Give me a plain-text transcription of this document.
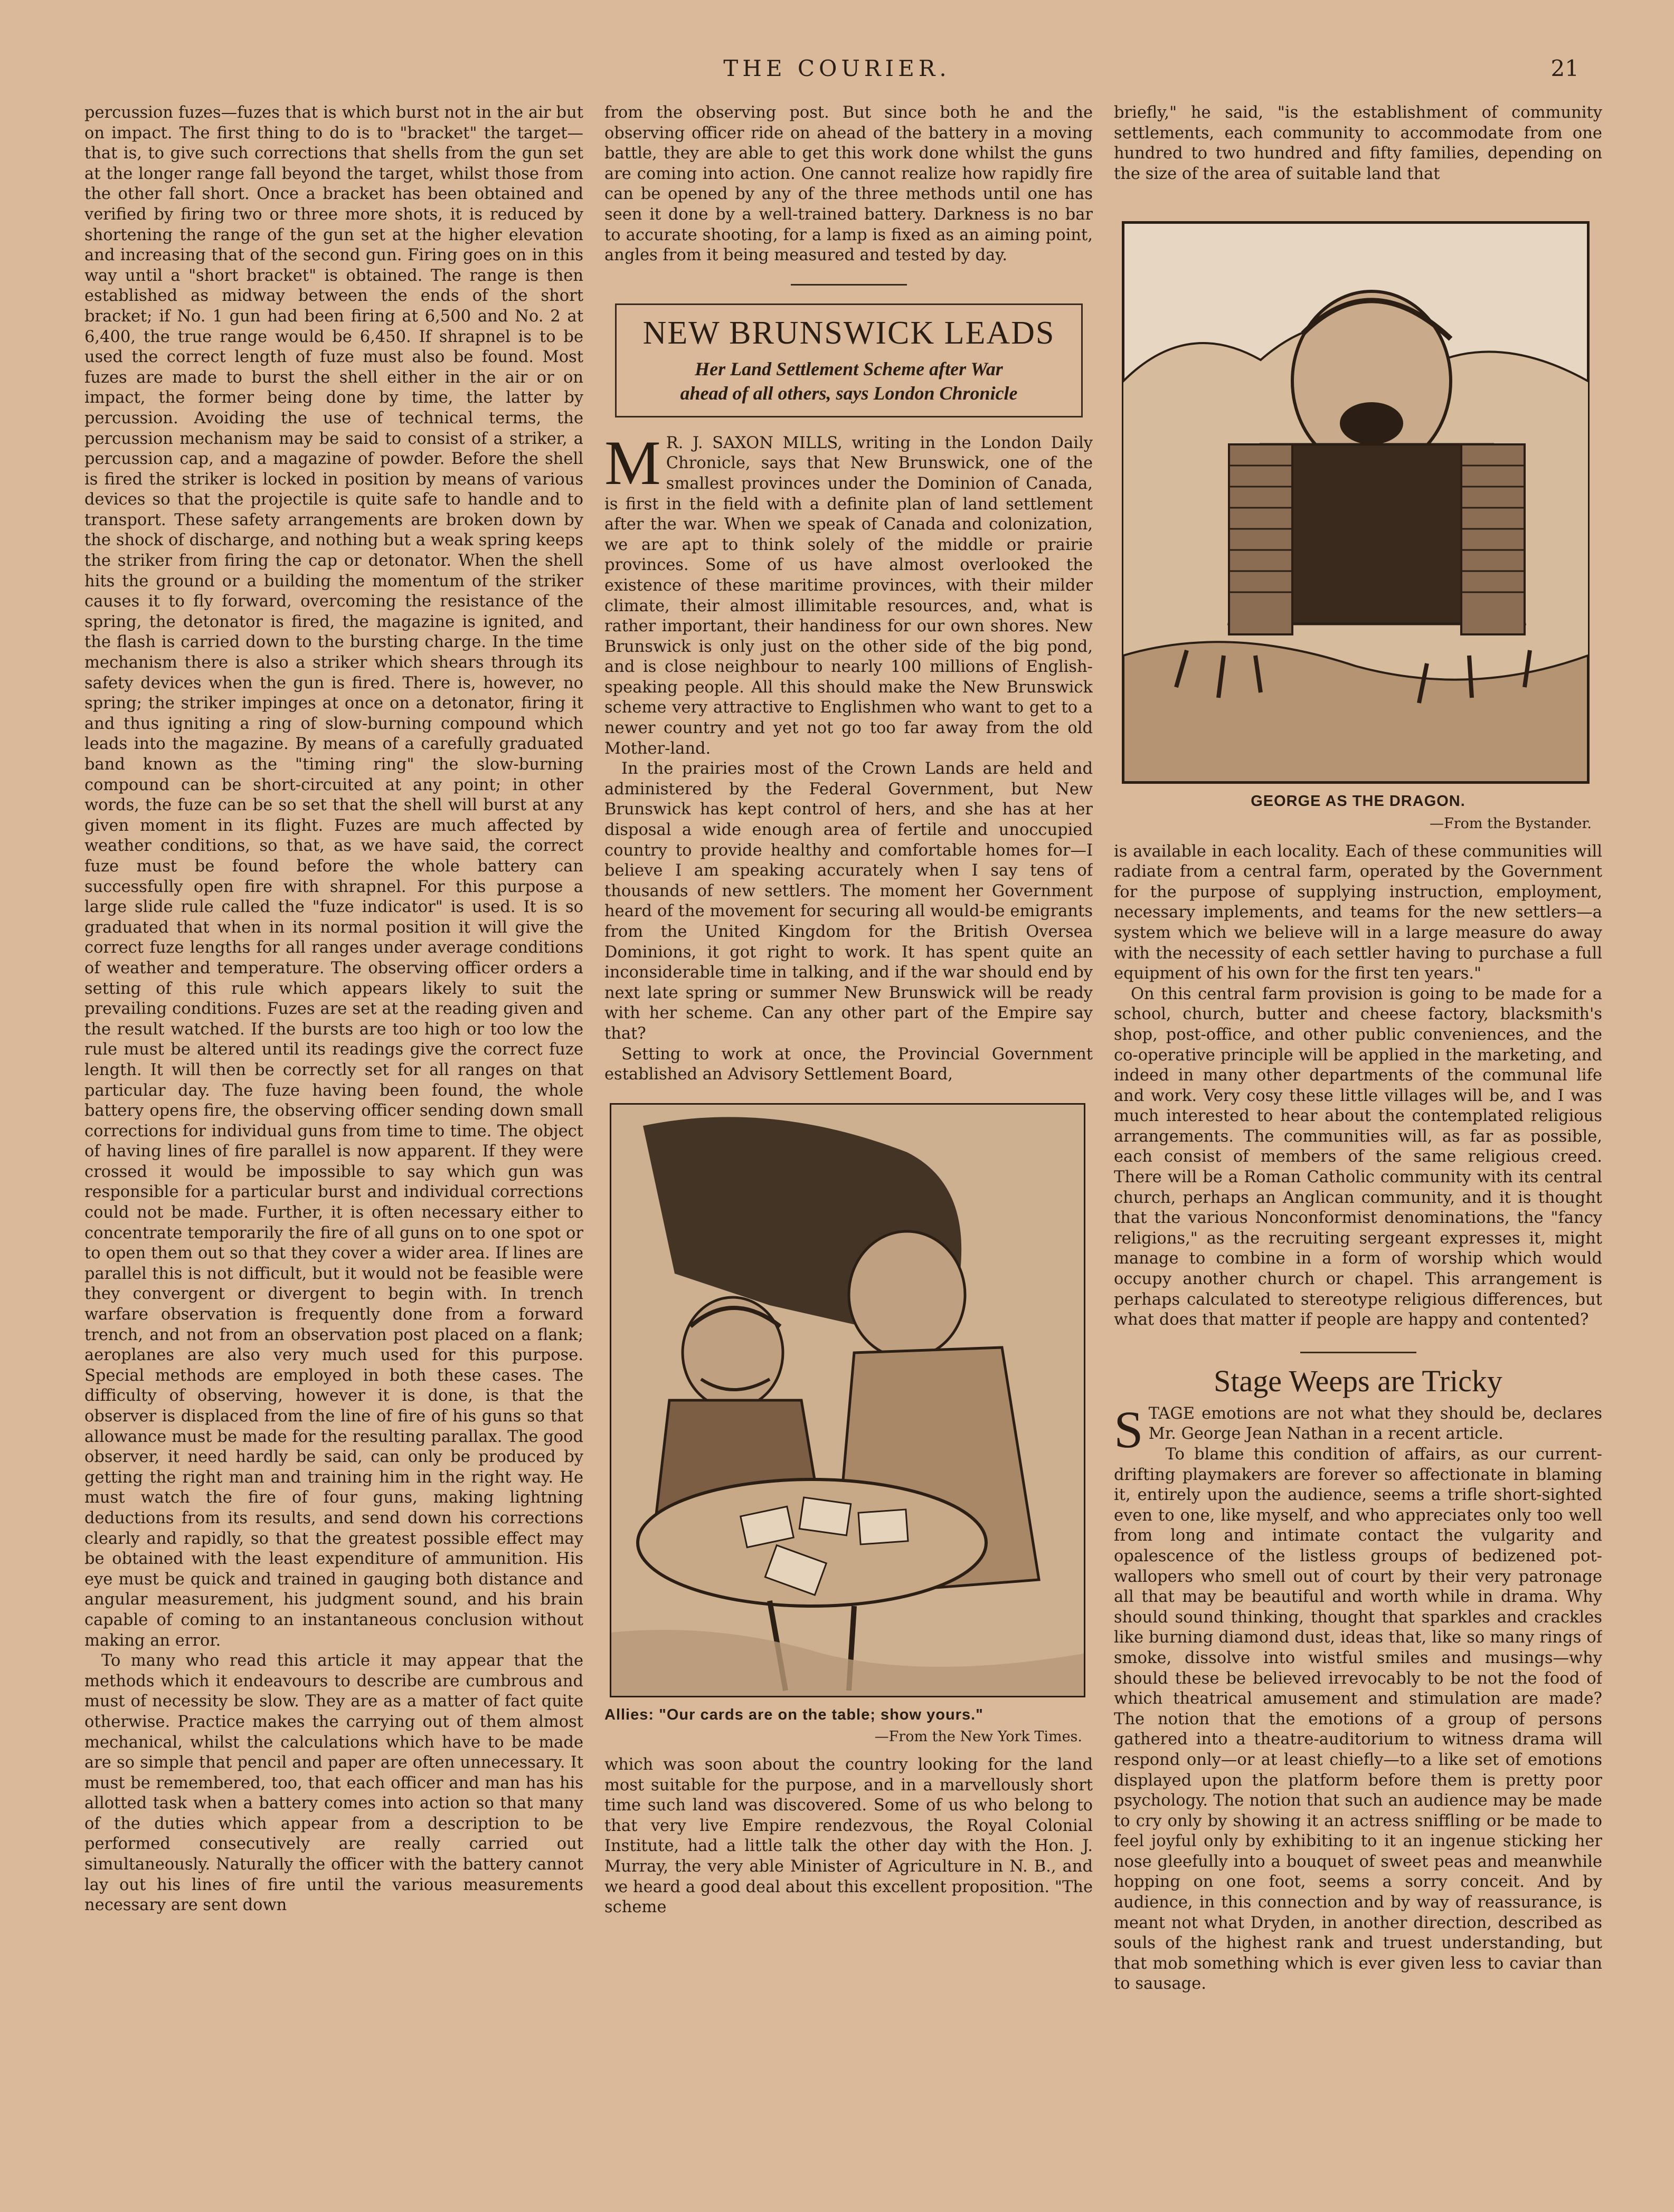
THE COURIER.	21

percussion fuzes—fuzes that is which burst not in the air but on impact. The first thing to do is to "bracket" the target—that is, to give such corrections that shells from the gun set at the longer range fall beyond the target, whilst those from the other fall short. Once a bracket has been obtained and verified by firing two or three more shots, it is reduced by shortening the range of the gun set at the higher elevation and increasing that of the second gun. Firing goes on in this way until a "short bracket" is obtained. The range is then established as midway between the ends of the short bracket; if No. 1 gun had been firing at 6,500 and No. 2 at 6,400, the true range would be 6,450. If shrapnel is to be used the correct length of fuze must also be found. Most fuzes are made to burst the shell either in the air or on impact, the former being done by time, the latter by percussion. Avoiding the use of technical terms, the percussion mechanism may be said to consist of a striker, a percussion cap, and a magazine of powder. Before the shell is fired the striker is locked in position by means of various devices so that the projectile is quite safe to handle and to transport. These safety arrangements are broken down by the shock of discharge, and nothing but a weak spring keeps the striker from firing the cap or detonator. When the shell hits the ground or a building the momentum of the striker causes it to fly forward, overcoming the resistance of the spring, the detonator is fired, the magazine is ignited, and the flash is carried down to the bursting charge. In the time mechanism there is also a striker which shears through its safety devices when the gun is fired. There is, however, no spring; the striker impinges at once on a detonator, firing it and thus igniting a ring of slow-burning compound which leads into the magazine. By means of a carefully graduated band known as the "timing ring" the slow-burning compound can be short-circuited at any point; in other words, the fuze can be so set that the shell will burst at any given moment in its flight. Fuzes are much affected by weather conditions, so that, as we have said, the correct fuze must be found before the whole battery can successfully open fire with shrapnel. For this purpose a large slide rule called the "fuze indicator" is used. It is so graduated that when in its normal position it will give the correct fuze lengths for all ranges under average conditions of weather and temperature. The observing officer orders a setting of this rule which appears likely to suit the prevailing conditions. Fuzes are set at the reading given and the result watched. If the bursts are too high or too low the rule must be altered until its readings give the correct fuze length. It will then be correctly set for all ranges on that particular day. The fuze having been found, the whole battery opens fire, the observing officer sending down small corrections for individual guns from time to time. The object of having lines of fire parallel is now apparent. If they were crossed it would be impossible to say which gun was responsible for a particular burst and individual corrections could not be made. Further, it is often necessary either to concentrate temporarily the fire of all guns on to one spot or to open them out so that they cover a wider area. If lines are parallel this is not difficult, but it would not be feasible were they convergent or divergent to begin with. In trench warfare observation is frequently done from a forward trench, and not from an observation post placed on a flank; aeroplanes are also very much used for this purpose. Special methods are employed in both these cases. The difficulty of observing, however it is done, is that the observer is displaced from the line of fire of his guns so that allowance must be made for the resulting parallax. The good observer, it need hardly be said, can only be produced by getting the right man and training him in the right way. He must watch the fire of four guns, making lightning deductions from its results, and send down his corrections clearly and rapidly, so that the greatest possible effect may be obtained with the least expenditure of ammunition. His eye must be quick and trained in gauging both distance and angular measurement, his judgment sound, and his brain capable of coming to an instantaneous conclusion without making an error.

To many who read this article it may appear that the methods which it endeavours to describe are cumbrous and must of necessity be slow. They are as a matter of fact quite otherwise. Practice makes the carrying out of them almost mechanical, whilst the calculations which have to be made are so simple that pencil and paper are often unnecessary. It must be remembered, too, that each officer and man has his allotted task when a battery comes into action so that many of the duties which appear from a description to be performed consecutively are really carried out simultaneously. Naturally the officer with the battery cannot lay out his lines of fire until the various measurements necessary are sent down

from the observing post. But since both he and the observing officer ride on ahead of the battery in a moving battle, they are able to get this work done whilst the guns are coming into action. One cannot realize how rapidly fire can be opened by any of the three methods until one has seen it done by a well-trained battery. Darkness is no bar to accurate shooting, for a lamp is fixed as an aiming point, angles from it being measured and tested by day.

NEW BRUNSWICK LEADS
Her Land Settlement Scheme after War
ahead of all others, says London Chronicle

M R. J. SAXON MILLS, writing in the London Daily Chronicle, says that New Brunswick, one of the smallest provinces under the Dominion of Canada, is first in the field with a definite plan of land settlement after the war. When we speak of Canada and colonization, we are apt to think solely of the middle or prairie provinces. Some of us have almost overlooked the existence of these maritime provinces, with their milder climate, their almost illimitable resources, and, what is rather important, their handiness for our own shores. New Brunswick is only just on the other side of the big pond, and is close neighbour to nearly 100 millions of English-speaking people. All this should make the New Brunswick scheme very attractive to Englishmen who want to get to a newer country and yet not go too far away from the old Mother-land.

In the prairies most of the Crown Lands are held and administered by the Federal Government, but New Brunswick has kept control of hers, and she has at her disposal a wide enough area of fertile and unoccupied country to provide healthy and comfortable homes for—I believe I am speaking accurately when I say tens of thousands of new settlers. The moment her Government heard of the movement for securing all would-be emigrants from the United Kingdom for the British Oversea Dominions, it got right to work. It has spent quite an inconsiderable time in talking, and if the war should end by next late spring or summer New Brunswick will be ready with her scheme. Can any other part of the Empire say that?

Setting to work at once, the Provincial Government established an Advisory Settlement Board,

Allies: "Our cards are on the table; show yours."
—From the New York Times.

which was soon about the country looking for the land most suitable for the purpose, and in a marvellously short time such land was discovered. Some of us who belong to that very live Empire rendezvous, the Royal Colonial Institute, had a little talk the other day with the Hon. J. Murray, the very able Minister of Agriculture in N. B., and we heard a good deal about this excellent proposition. "The scheme

briefly," he said, "is the establishment of community settlements, each community to accommodate from one hundred to two hundred and fifty families, depending on the size of the area of suitable land that

GEORGE AS THE DRAGON.
—From the Bystander.

is available in each locality. Each of these communities will radiate from a central farm, operated by the Government for the purpose of supplying instruction, employment, necessary implements, and teams for the new settlers—a system which we believe will in a large measure do away with the necessity of each settler having to purchase a full equipment of his own for the first ten years."

On this central farm provision is going to be made for a school, church, butter and cheese factory, blacksmith's shop, post-office, and other public conveniences, and the co-operative principle will be applied in the marketing, and indeed in many other departments of the communal life and work. Very cosy these little villages will be, and I was much interested to hear about the contemplated religious arrangements. The communities will, as far as possible, each consist of members of the same religious creed. There will be a Roman Catholic community with its central church, perhaps an Anglican community, and it is thought that the various Nonconformist denominations, the "fancy religions," as the recruiting sergeant expresses it, might manage to combine in a form of worship which would occupy another church or chapel. This arrangement is perhaps calculated to stereotype religious differences, but what does that matter if people are happy and contented?

Stage Weeps are Tricky

STAGE emotions are not what they should be, declares Mr. George Jean Nathan in a recent article.

To blame this condition of affairs, as our current-drifting playmakers are forever so affectionate in blaming it, entirely upon the audience, seems a trifle short-sighted even to one, like myself, and who appreciates only too well from long and intimate contact the vulgarity and opalescence of the listless groups of bedizened pot-wallopers who smell out of court by their very patronage all that may be beautiful and worth while in drama. Why should sound thinking, thought that sparkles and crackles like burning diamond dust, ideas that, like so many rings of smoke, dissolve into wistful smiles and musings—why should these be believed irrevocably to be not the food of which theatrical amusement and stimulation are made? The notion that the emotions of a group of persons gathered into a theatre-auditorium to witness drama will respond only—or at least chiefly—to a like set of emotions displayed upon the platform before them is pretty poor psychology. The notion that such an audience may be made to cry only by showing it an actress sniffling or be made to feel joyful only by exhibiting to it an ingenue sticking her nose gleefully into a bouquet of sweet peas and meanwhile hopping on one foot, seems a sorry conceit. And by audience, in this connection and by way of reassurance, is meant not what Dryden, in another direction, described as souls of the highest rank and truest understanding, but that mob something which is ever given less to caviar than to sausage.
